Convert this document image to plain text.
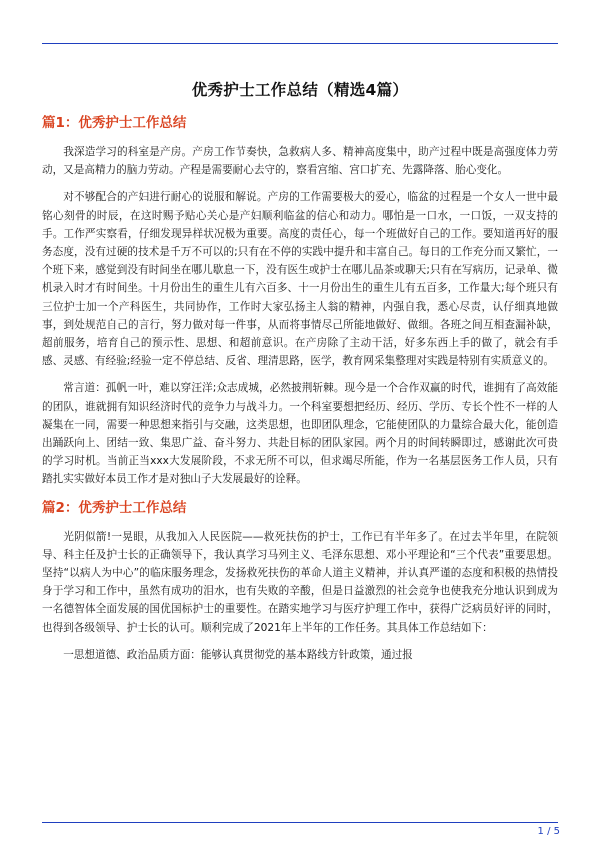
优秀护士工作总结（精选4篇）
篇1：优秀护士工作总结

我深造学习的科室是产房。产房工作节奏快，急救病人多、精神高度集中，助产过程中既是高强度体力劳动，又是高精力的脑力劳动。产程是需要耐心去守的，察看宫缩、宫口扩充、先露降落、胎心变化。

对不够配合的产妇进行耐心的说服和解说。产房的工作需要极大的爱心，临盆的过程是一个女人一世中最铭心刻骨的时辰，在这时赐予贴心关心是产妇顺利临盆的信心和动力。哪怕是一口水，一口饭，一双支持的手。工作严实察看，仔细发现异样状况极为重要。高度的责任心，每一个班做好自己的工作。要知道再好的服务态度，没有过硬的技术是千万不可以的;只有在不停的实践中提升和丰富自己。每日的工作充分而又繁忙，一个班下来，感觉到没有时间坐在哪儿歇息一下，没有医生或护士在哪儿品茶或聊天;只有在写病历，记录单、微机录入时才有时间坐。十月份出生的重生儿有六百多、十一月份出生的重生儿有五百多，工作量大;每个班只有三位护士加一个产科医生，共同协作，工作时大家弘扬主人翁的精神，内强自我，悉心尽责，认仔细真地做事，到处规范自己的言行，努力做对每一件事，从而将事情尽己所能地做好、做细。各班之间互相查漏补缺，超前服务，培育自己的预示性、思想、和超前意识。在产房除了主动干活，好多东西上手的做了，就会有手感、灵感、有经验;经验一定不停总结、反省、理清思路，医学，教育网采集整理对实践是特别有实质意义的。

常言道：孤帆一叶，难以穿汪洋;众志成城，必然披荆斩棘。现今是一个合作双赢的时代，谁拥有了高效能的团队，谁就拥有知识经济时代的竞争力与战斗力。一个科室要想把经历、经历、学历、专长个性不一样的人凝集在一同，需要一种思想来指引与交融，这类思想，也即团队理念，它能使团队的力量综合最大化，能创造出踊跃向上、团结一致、集思广益、奋斗努力、共赴目标的团队家园。两个月的时间转瞬即过，感谢此次可贵的学习时机。当前正当xxx大发展阶段，不求无所不可以，但求竭尽所能，作为一名基层医务工作人员，只有踏扎实实做好本员工作才是对独山子大发展最好的诠释。

篇2：优秀护士工作总结

光阴似箭!一晃眼，从我加入人民医院——救死扶伤的护士，工作已有半年多了。在过去半年里，在院领导、科主任及护士长的正确领导下，我认真学习马列主义、毛泽东思想、邓小平理论和“三个代表”重要思想。坚持“以病人为中心”的临床服务理念，发扬救死扶伤的革命人道主义精神，并认真严谨的态度和积极的热情投身于学习和工作中，虽然有成功的泪水，也有失败的辛酸，但是日益激烈的社会竞争也使我充分地认识到成为一名德智体全面发展的国优国标护士的重要性。在踏实地学习与医疗护理工作中，获得广泛病员好评的同时，也得到各级领导、护士长的认可。顺利完成了2021年上半年的工作任务。其具体工作总结如下：

一思想道德、政治品质方面：能够认真贯彻党的基本路线方针政策，通过报

1 / 5
